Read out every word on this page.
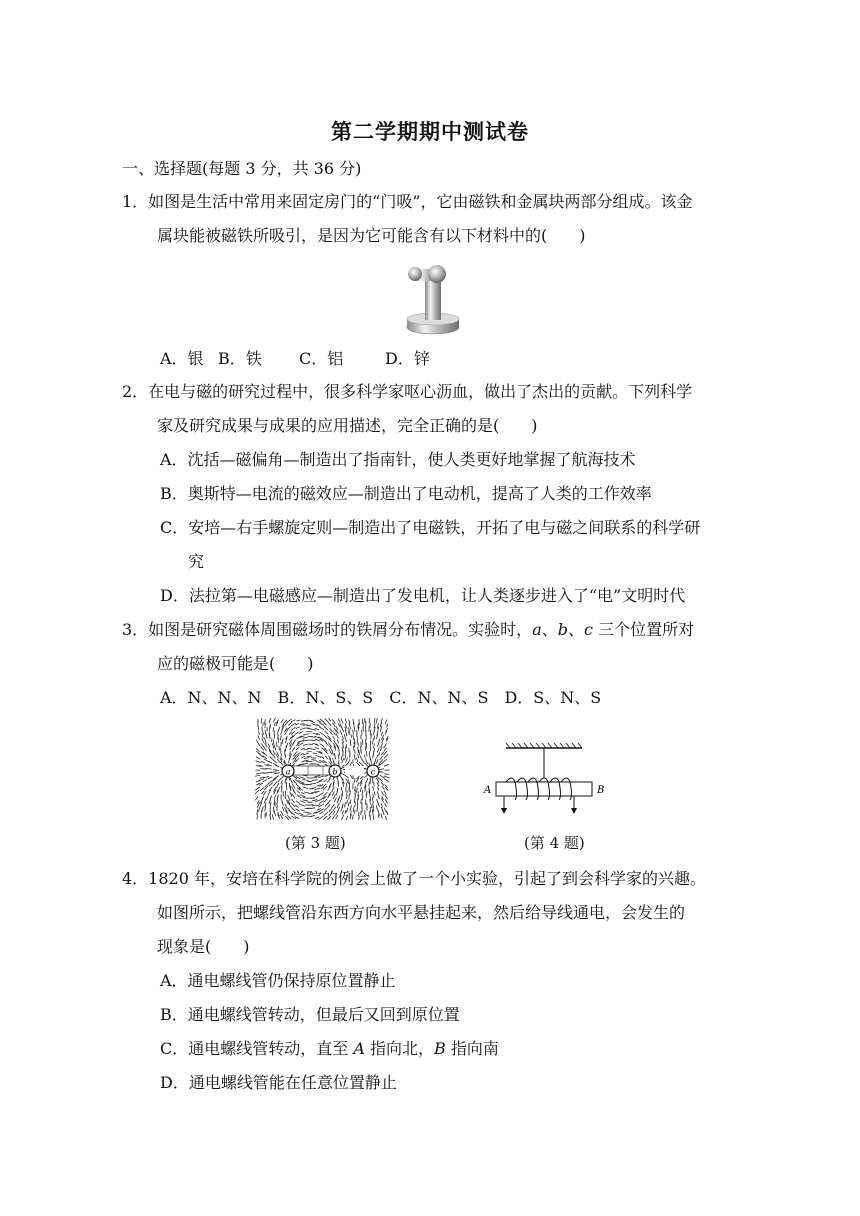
第二学期期中测试卷
一、选择题(每题 3 分，共 36 分)
1．如图是生活中常用来固定房门的“门吸”，它由磁铁和金属块两部分组成。该金
属块能被磁铁所吸引，是因为它可能含有以下材料中的(　　)
A．银 B．铁 C．铝	D．锌
2．在电与磁的研究过程中，很多科学家呕心沥血，做出了杰出的贡献。下列科学
家及研究成果与成果的应用描述，完全正确的是(　　)
A．沈括—磁偏角—制造出了指南针，使人类更好地掌握了航海技术
B．奥斯特—电流的磁效应—制造出了电动机，提高了人类的工作效率
C．安培—右手螺旋定则—制造出了电磁铁，开拓了电与磁之间联系的科学研
究
D．法拉第—电磁感应—制造出了发电机，让人类逐步进入了“电”文明时代
3．如图是研究磁体周围磁场时的铁屑分布情况。实验时，a、b、c 三个位置所对
应的磁极可能是(　　)
A．N、N、N　B．N、S、S　C．N、N、S　D．S、N、S
a	b	c
(第 3 题)
A	B
(第 4 题)
4．1820 年，安培在科学院的例会上做了一个小实验，引起了到会科学家的兴趣。
如图所示，把螺线管沿东西方向水平悬挂起来，然后给导线通电，会发生的
现象是(　　)
A．通电螺线管仍保持原位置静止
B．通电螺线管转动，但最后又回到原位置
C．通电螺线管转动，直至 A 指向北，B 指向南
D．通电螺线管能在任意位置静止
